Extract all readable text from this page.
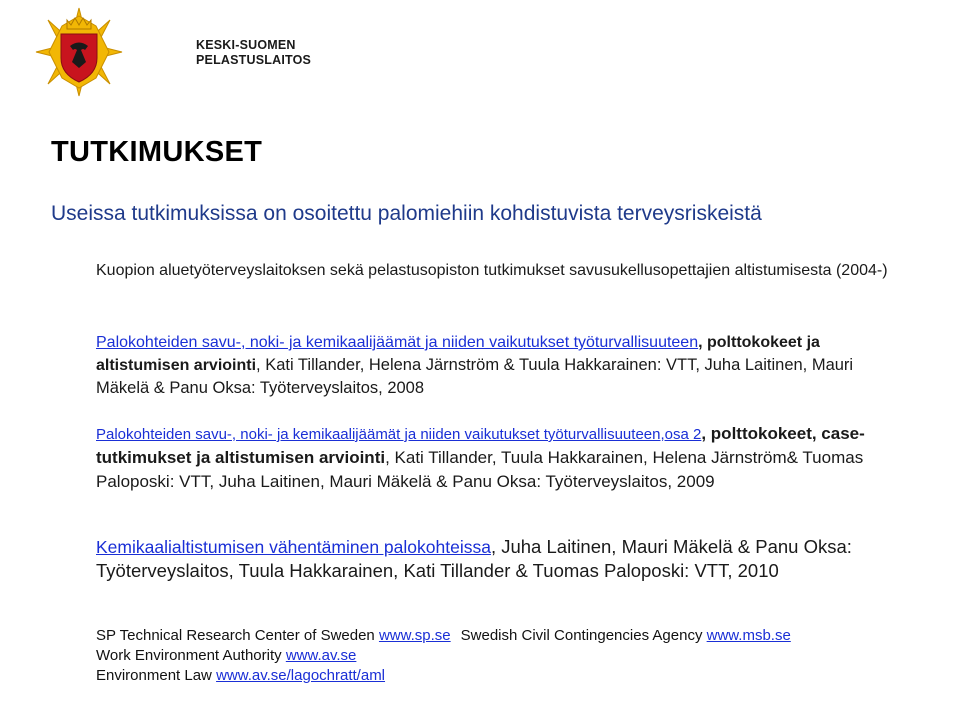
KESKI-SUOMEN
PELASTUSLAITOS
TUTKIMUKSET

Useissa tutkimuksissa on osoitettu palomiehiin kohdistuvista terveysriskeistä

Kuopion aluetyöterveyslaitoksen sekä pelastusopiston tutkimukset savusukellusopettajien altistumisesta (2004-)

Palokohteiden savu-, noki- ja kemikaalijäämät ja niiden vaikutukset työturvallisuuteen, polttokokeet ja altistumisen arviointi, Kati Tillander, Helena Järnström & Tuula Hakkarainen: VTT, Juha Laitinen, Mauri Mäkelä & Panu Oksa: Työterveyslaitos, 2008

Palokohteiden savu-, noki- ja kemikaalijäämät ja niiden vaikutukset työturvallisuuteen,osa 2, polttokokeet, case-tutkimukset ja altistumisen arviointi, Kati Tillander, Tuula Hakkarainen, Helena Järnström& Tuomas Paloposki: VTT, Juha Laitinen, Mauri Mäkelä & Panu Oksa: Työterveyslaitos, 2009

Kemikaalialtistumisen vähentäminen palokohteissa, Juha Laitinen, Mauri Mäkelä & Panu Oksa: Työterveyslaitos, Tuula Hakkarainen, Kati Tillander & Tuomas Paloposki: VTT, 2010

SP Technical Research Center of Sweden www.sp.se Swedish Civil Contingencies Agency www.msb.se
Work Environment Authority www.av.se
Environment Law www.av.se/lagochratt/aml
